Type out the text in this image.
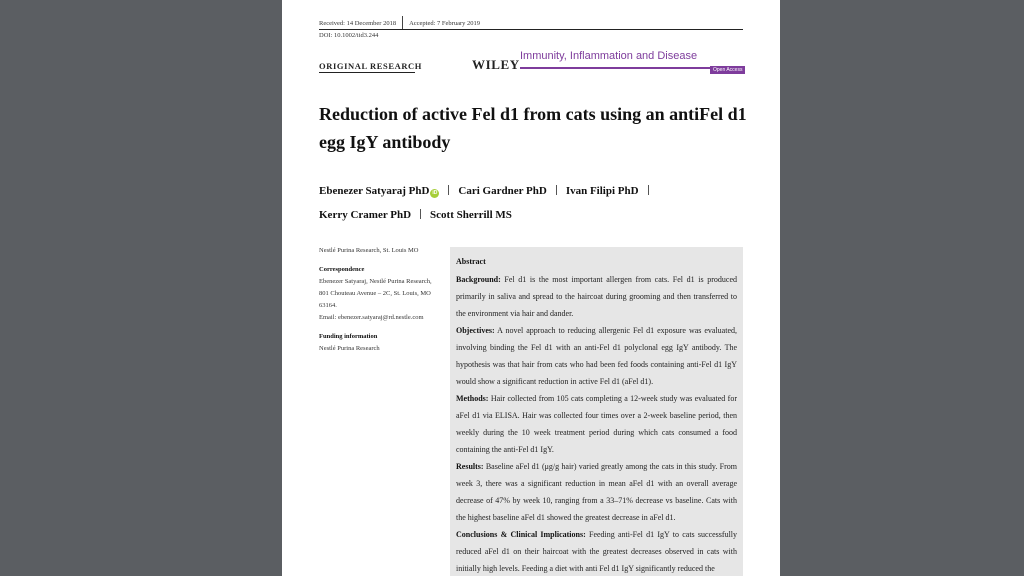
Received: 14 December 2018 Accepted: 7 February 2019
DOI: 10.1002/iid3.244
ORIGINAL RESEARCH	WILEY
Immunity, Inflammation and Disease
Open Access
Reduction of active Fel d1 from cats using an antiFel d1 egg IgY antibody
Ebenezer Satyaraj PhD iD Cari Gardner PhD Ivan Filipi PhD
Kerry Cramer PhD Scott Sherrill MS
Nestlé Purina Research, St. Louis MO
Correspondence
Ebenezer Satyaraj, Nestlé Purina Research,
801 Chouteau Avenue – 2C, St. Louis, MO 63164.
Email: ebenezer.satyaraj@rd.nestle.com
Funding information
Nestlé Purina Research
Abstract

Background: Fel d1 is the most important allergen from cats. Fel d1 is produced primarily in saliva and spread to the haircoat during grooming and then transferred to the environment via hair and dander.

Objectives: A novel approach to reducing allergenic Fel d1 exposure was evaluated, involving binding the Fel d1 with an anti-Fel d1 polyclonal egg IgY antibody. The hypothesis was that hair from cats who had been fed foods containing anti-Fel d1 IgY would show a significant reduction in active Fel d1 (aFel d1).

Methods: Hair collected from 105 cats completing a 12-week study was evaluated for aFel d1 via ELISA. Hair was collected four times over a 2-week baseline period, then weekly during the 10 week treatment period during which cats consumed a food containing the anti-Fel d1 IgY.

Results: Baseline aFel d1 (μg/g hair) varied greatly among the cats in this study. From week 3, there was a significant reduction in mean aFel d1 with an overall average decrease of 47% by week 10, ranging from a 33–71% decrease vs baseline. Cats with the highest baseline aFel d1 showed the greatest decrease in aFel d1.

Conclusions & Clinical Implications: Feeding anti-Fel d1 IgY to cats successfully reduced aFel d1 on their haircoat with the greatest decreases observed in cats with initially high levels. Feeding a diet with anti Fel d1 IgY significantly reduced the
